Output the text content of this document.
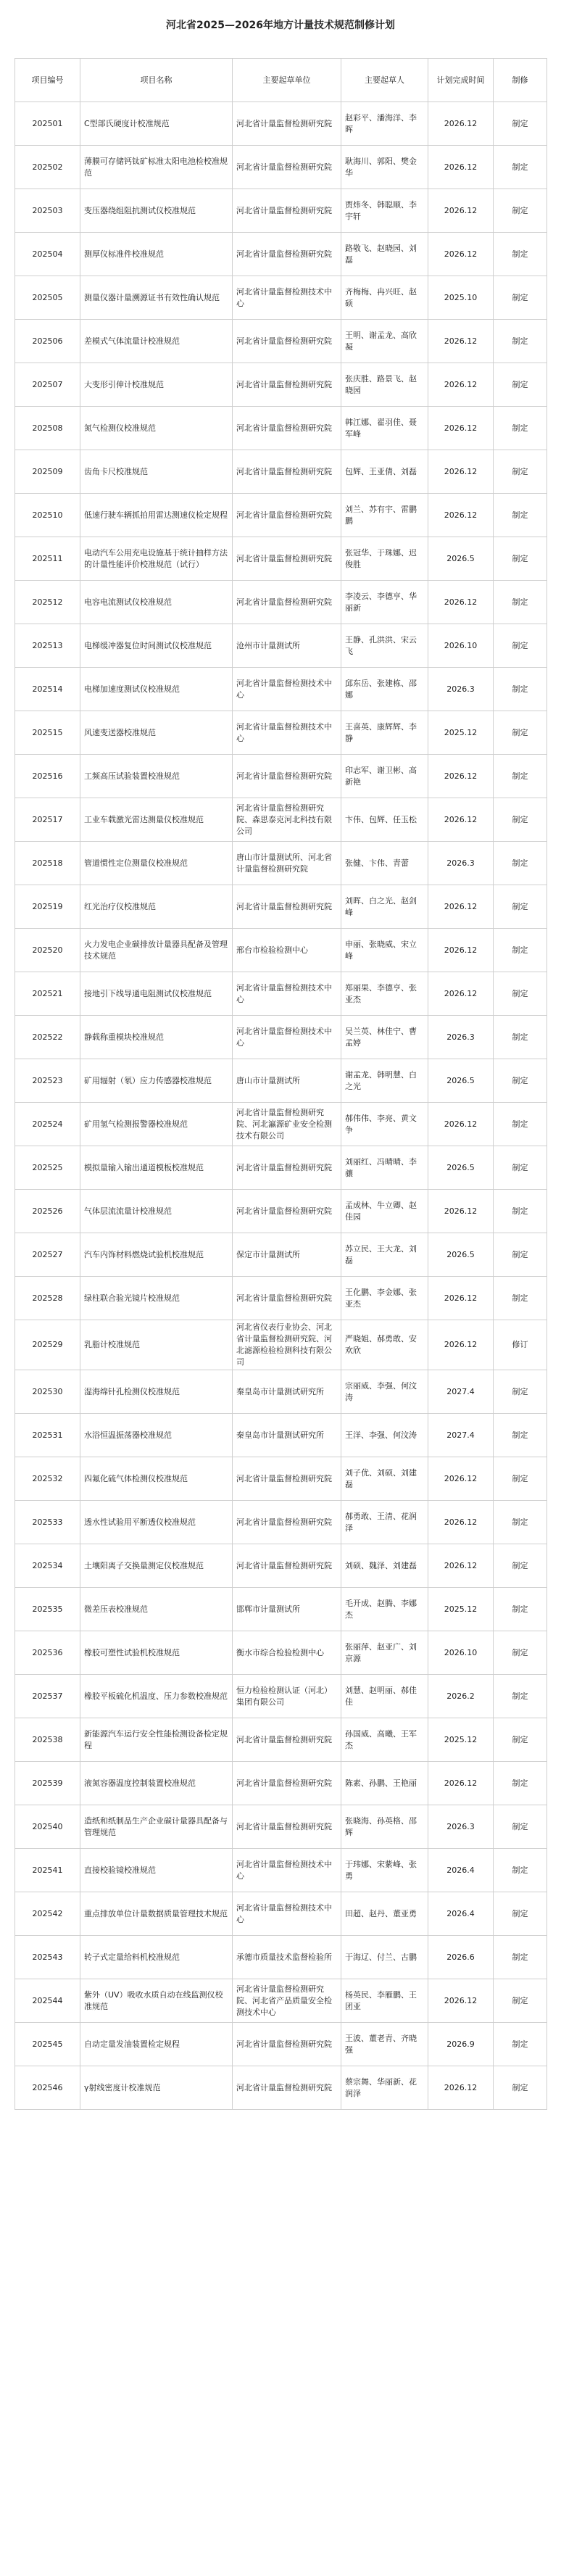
河北省2025—2026年地方计量技术规范制修计划
项目编号	项目名称	主要起草单位	主要起草人	计划完成时间	制修
202501	C型部氏硬度计校准规范	河北省计量监督检测研究院	赵彩平、潘海洋、李晖	2026.12	制定
202502	薄膜可存储钙钛矿标准太阳电池检校准规范	河北省计量监督检测研究院	耿海川、郭阳、樊金华	2026.12	制定
202503	变压器绕组阻抗测试仪校准规范	河北省计量监督检测研究院	贾炜冬、韩聪顺、李宇轩	2026.12	制定
202504	测厚仪标准件校准规范	河北省计量监督检测研究院	路敬飞、赵晓园、刘磊	2026.12	制定
202505	测量仪器计量溯源证书有效性确认规范	河北省计量监督检测技术中心	齐梅梅、冉兴旺、赵硕	2025.10	制定
202506	差模式气体流量计校准规范	河北省计量监督检测研究院	王明、谢孟龙、高欣凝	2026.12	制定
202507	大变形引伸计校准规范	河北省计量监督检测研究院	张庆胜、路景飞、赵晓园	2026.12	制定
202508	氮气检测仪校准规范	河北省计量监督检测研究院	韩江娜、翟羽佳、聂军峰	2026.12	制定
202509	齿角卡尺校准规范	河北省计量监督检测研究院	包辉、王亚倩、刘磊	2026.12	制定
202510	低速行驶车辆抓拍用雷达测速仪检定规程	河北省计量监督检测研究院	刘兰、苏有宇、雷鹏鹏	2026.12	制定
202511	电动汽车公用充电设施基于统计抽样方法的计量性能评价校准规范（试行）	河北省计量监督检测研究院	张冠华、于珠娜、迟俊胜	2026.5	制定
202512	电容电流测试仪校准规范	河北省计量监督检测研究院	李凌云、李德亨、华丽新	2026.12	制定
202513	电梯缓冲器复位时间测试仪校准规范	沧州市计量测试所	王静、孔洪洪、宋云飞	2026.10	制定
202514	电梯加速度测试仪校准规范	河北省计量监督检测技术中心	邱东岳、张建栋、邵娜	2026.3	制定
202515	风速变送器校准规范	河北省计量监督检测技术中心	王喜英、康辉辉、李静	2025.12	制定
202516	工频高压试验装置校准规范	河北省计量监督检测研究院	印志军、谢卫彬、高新艳	2026.12	制定
202517	工业车载激光雷达测量仪校准规范	河北省计量监督检测研究院、森思泰克河北科技有限公司	卞伟、包辉、任玉松	2026.12	制定
202518	管道惯性定位测量仪校准规范	唐山市计量测试所、河北省计量监督检测研究院	张健、卞伟、青蕾	2026.3	制定
202519	红光治疗仪校准规范	河北省计量监督检测研究院	刘晖、白之光、赵剑峰	2026.12	制定
202520	火力发电企业碳排放计量器具配备及管理技术规范	邢台市检验检测中心	申丽、张晓威、宋立峰	2026.12	制定
202521	接地引下线导通电阻测试仪校准规范	河北省计量监督检测技术中心	郑丽果、李德亨、张亚杰	2026.12	制定
202522	静载称重模块校准规范	河北省计量监督检测技术中心	吴兰英、林佳宁、曹孟婷	2026.3	制定
202523	矿用辐射（氡）应力传感器校准规范	唐山市计量测试所	谢孟龙、韩明慧、白之光	2026.5	制定
202524	矿用氢气检测报警器校准规范	河北省计量监督检测研究院、河北瀛源矿业安全检测技术有限公司	郝伟伟、李亮、黄文争	2026.12	制定
202525	模拟量输入输出通道模板校准规范	河北省计量监督检测研究院	刘丽红、冯晴晴、李骧	2026.5	制定
202526	气体层流流量计校准规范	河北省计量监督检测研究院	孟成林、牛立卿、赵佳园	2026.12	制定
202527	汽车内饰材料燃烧试验机校准规范	保定市计量测试所	苏立民、王大龙、刘磊	2026.5	制定
202528	绿柱联合验光镜片校准规范	河北省计量监督检测研究院	王化鹏、李金娜、张亚杰	2026.12	制定
202529	乳脂计校准规范	河北省仪表行业协会、河北省计量监督检测研究院、河北滤源检验检测科技有限公司	严晓姐、郝勇敢、安欢欣	2026.12	修订
202530	湿海绵针孔检测仪校准规范	秦皇岛市计量测试研究所	宗丽威、李强、何汶涛	2027.4	制定
202531	水浴恒温振荡器校准规范	秦皇岛市计量测试研究所	王洋、李强、何汶涛	2027.4	制定
202532	四氟化硫气体检测仪校准规范	河北省计量监督检测研究院	刘子优、刘硕、刘建磊	2026.12	制定
202533	透水性试验用平断透仪校准规范	河北省计量监督检测研究院	郝勇敢、王清、花润泽	2026.12	制定
202534	土壤阳离子交换量测定仪校准规范	河北省计量监督检测研究院	刘硕、魏泽、刘建磊	2026.12	制定
202535	微差压表校准规范	邯郸市计量测试所	毛开成、赵腾、李娜杰	2025.12	制定
202536	橡胶可塑性试验机校准规范	衡水市综合检验检测中心	张丽萍、赵亚广、刘京源	2026.10	制定
202537	橡胶平板硫化机温度、压力参数校准规范	恒力检验检测认证（河北）集团有限公司	刘慧、赵明丽、郝佳佳	2026.2	制定
202538	新能源汽车运行安全性能检测设备检定规程	河北省计量监督检测研究院	孙国威、高曦、王军杰	2025.12	制定
202539	液氮容器温度控制装置校准规范	河北省计量监督检测研究院	陈素、孙鹏、王艳丽	2026.12	制定
202540	造纸和纸制品生产企业碳计量器具配备与管理规范	河北省计量监督检测研究院	张晓海、孙英格、邵辉	2026.3	制定
202541	直接校验镜校准规范	河北省计量监督检测技术中心	于玮娜、宋紫峰、张勇	2026.4	制定
202542	重点排放单位计量数据质量管理技术规范	河北省计量监督检测技术中心	田超、赵丹、董亚勇	2026.4	制定
202543	转子式定量给料机校准规范	承德市质量技术监督检验所	于海辽、付兰、古鹏	2026.6	制定
202544	紫外（UV）吸收水质自动在线监测仪校准规范	河北省计量监督检测研究院、河北省产品质量安全检测技术中心	杨英民、李雁鹏、王团亚	2026.12	制定
202545	自动定量发油装置检定规程	河北省计量监督检测研究院	王波、董老青、齐晓强	2026.9	制定
202546	γ射线密度计校准规范	河北省计量监督检测研究院	蔡宗舞、华丽新、花润泽	2026.12	制定
